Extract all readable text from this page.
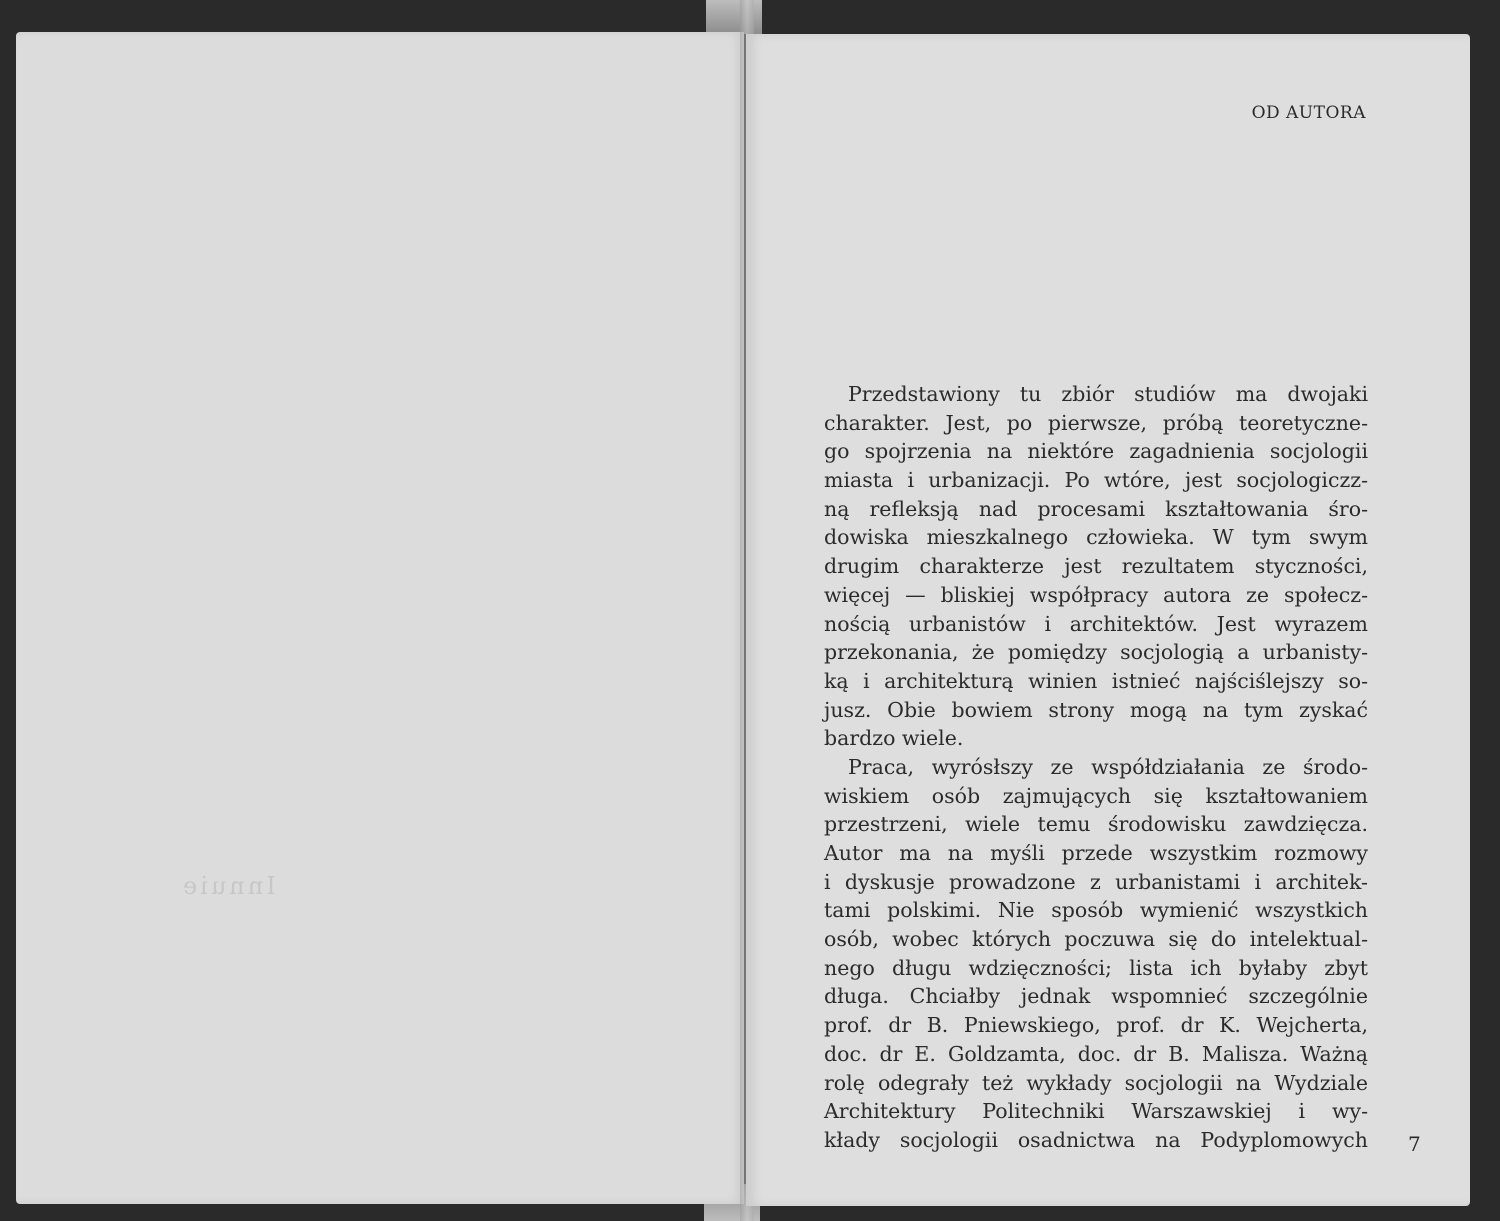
Innuie
OD AUTORA
Przedstawiony tu zbiór studiów ma dwojaki
charakter. Jest, po pierwsze, próbą teoretyczne-
go spojrzenia na niektóre zagadnienia socjologii
miasta i urbanizacji. Po wtóre, jest socjologiczz-
ną refleksją nad procesami kształtowania śro-
dowiska mieszkalnego człowieka. W tym swym
drugim charakterze jest rezultatem styczności,
więcej — bliskiej współpracy autora ze społecz-
nością urbanistów i architektów. Jest wyrazem
przekonania, że pomiędzy socjologią a urbanisty-
ką i architekturą winien istnieć najściślejszy so-
jusz. Obie bowiem strony mogą na tym zyskać
bardzo wiele.
Praca, wyrósłszy ze współdziałania ze środo-
wiskiem osób zajmujących się kształtowaniem
przestrzeni, wiele temu środowisku zawdzięcza.
Autor ma na myśli przede wszystkim rozmowy
i dyskusje prowadzone z urbanistami i architek-
tami polskimi. Nie sposób wymienić wszystkich
osób, wobec których poczuwa się do intelektual-
nego długu wdzięczności; lista ich byłaby zbyt
długa. Chciałby jednak wspomnieć szczególnie
prof. dr B. Pniewskiego, prof. dr K. Wejcherta,
doc. dr E. Goldzamta, doc. dr B. Malisza. Ważną
rolę odegrały też wykłady socjologii na Wydziale
Architektury Politechniki Warszawskiej i wy-
kłady socjologii osadnictwa na Podyplomowych 7
